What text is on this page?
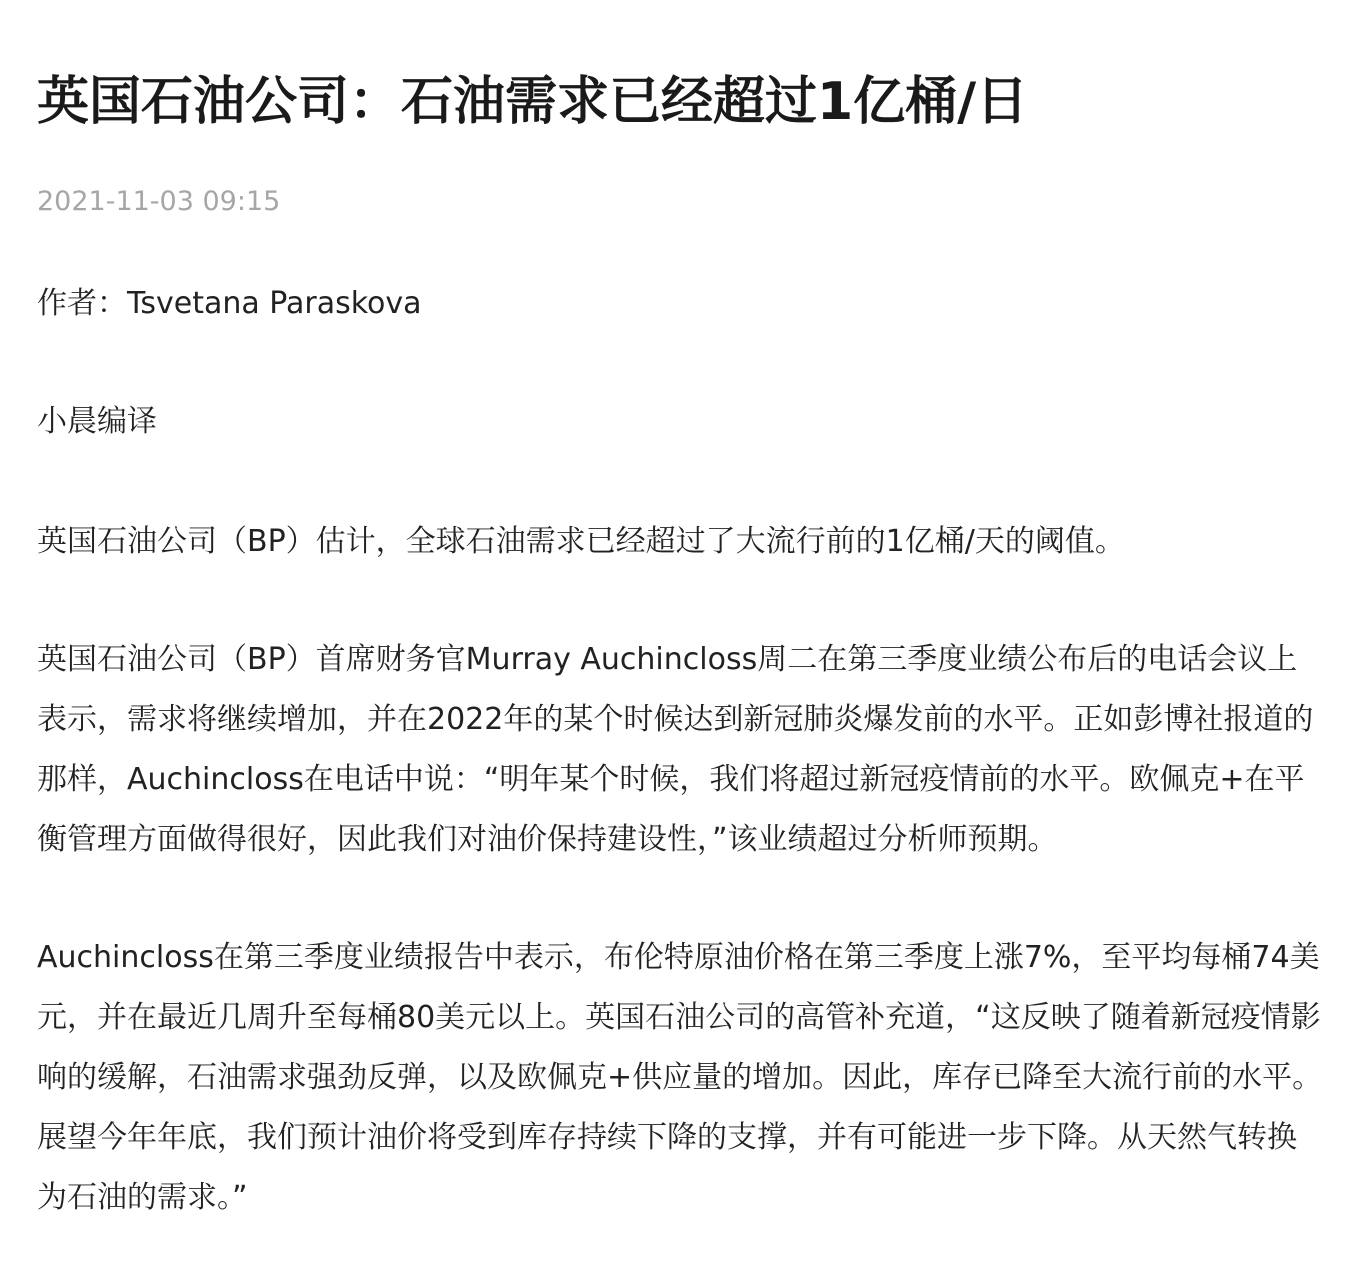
英国石油公司：石油需求已经超过1亿桶/日
2021-11-03 09:15

作者：Tsvetana Paraskova

小晨编译

英国石油公司（BP）估计，全球石油需求已经超过了大流行前的1亿桶/天的阈值。

英国石油公司（BP）首席财务官Murray Auchincloss周二在第三季度业绩公布后的电话会议上表示，需求将继续增加，并在2022年的某个时候达到新冠肺炎爆发前的水平。正如彭博社报道的那样，Auchincloss在电话中说：“明年某个时候，我们将超过新冠疫情前的水平。欧佩克+在平衡管理方面做得很好，因此我们对油价保持建设性，”该业绩超过分析师预期。

Auchincloss在第三季度业绩报告中表示，布伦特原油价格在第三季度上涨7%，至平均每桶74美元，并在最近几周升至每桶80美元以上。英国石油公司的高管补充道，“这反映了随着新冠疫情影响的缓解，石油需求强劲反弹，以及欧佩克+供应量的增加。因此，库存已降至大流行前的水平。展望今年年底，我们预计油价将受到库存持续下降的支撑，并有可能进一步下降。从天然气转换为石油的需求。”
